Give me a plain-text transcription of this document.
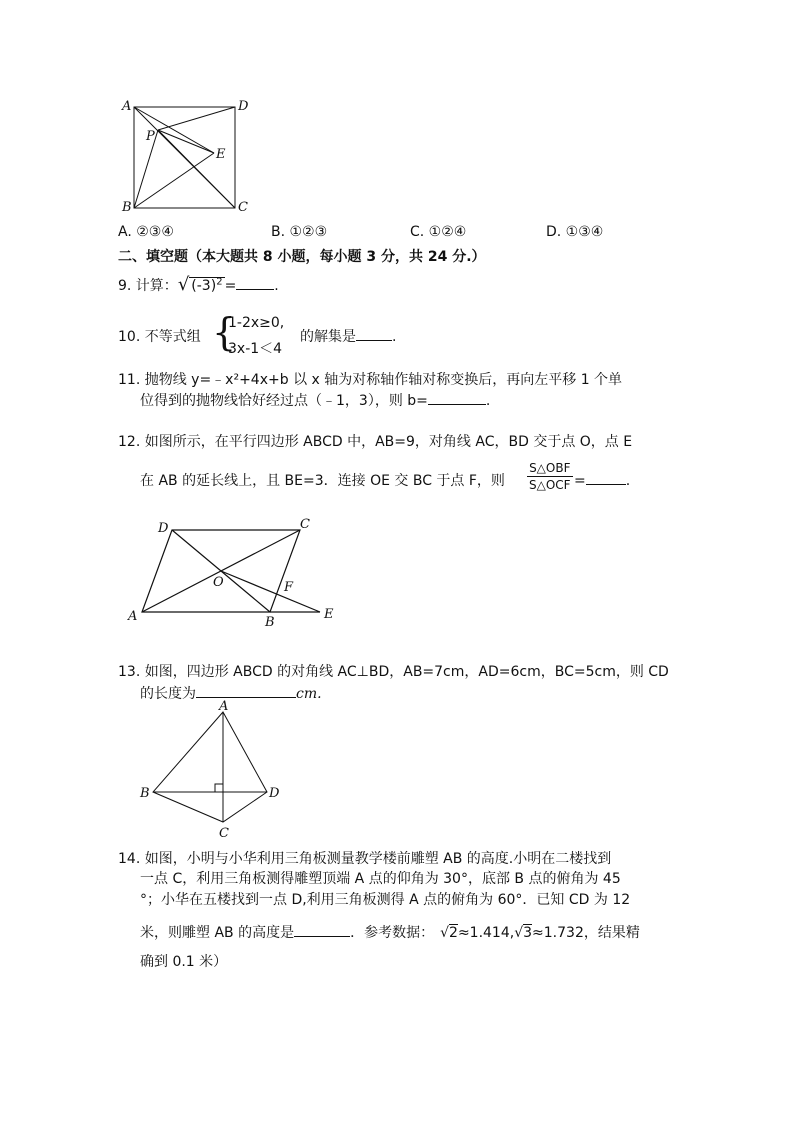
A	D
P
E
B	C
A. ②③④	B. ①②③	C. ①②④	D. ①③④
二、填空题（本大题共 8 小题，每小题 3 分，共 24 分.）
9. 计算：√ $(-3)^2$ =	.
10. 不等式组 {
1-2x≥0,
3x-1＜4
的解集是	.
11. 抛物线 y=﹣x²+4x+b 以 x 轴为对称轴作轴对称变换后，再向左平移 1 个单
位得到的抛物线恰好经过点（﹣1，3），则 b=	.
12. 如图所示，在平行四边形 ABCD 中，AB=9，对角线 AC，BD 交于点 O，点 E
在 AB 的延长线上，且 BE=3．连接 OE 交 BC 于点 F，则
S△OBF
S△OCF =	.
D	C
O	F
A	B
E
13. 如图，四边形 ABCD 的对角线 AC⊥BD，AB=7cm，AD=6cm，BC=5cm，则 CD
的长度为	cm.
A
B	D
C
14. 如图，小明与小华利用三角板测量教学楼前雕塑 AB 的高度.小明在二楼找到
一点 C，利用三角板测得雕塑顶端 A 点的仰角为 30°，底部 B 点的俯角为 45
°；小华在五楼找到一点 D,利用三角板测得 A 点的俯角为 60°．已知 CD 为 12
米，则雕塑 AB 的高度是	．参考数据： √2≈1.414,√3≈1.732，结果精
确到 0.1 米）
